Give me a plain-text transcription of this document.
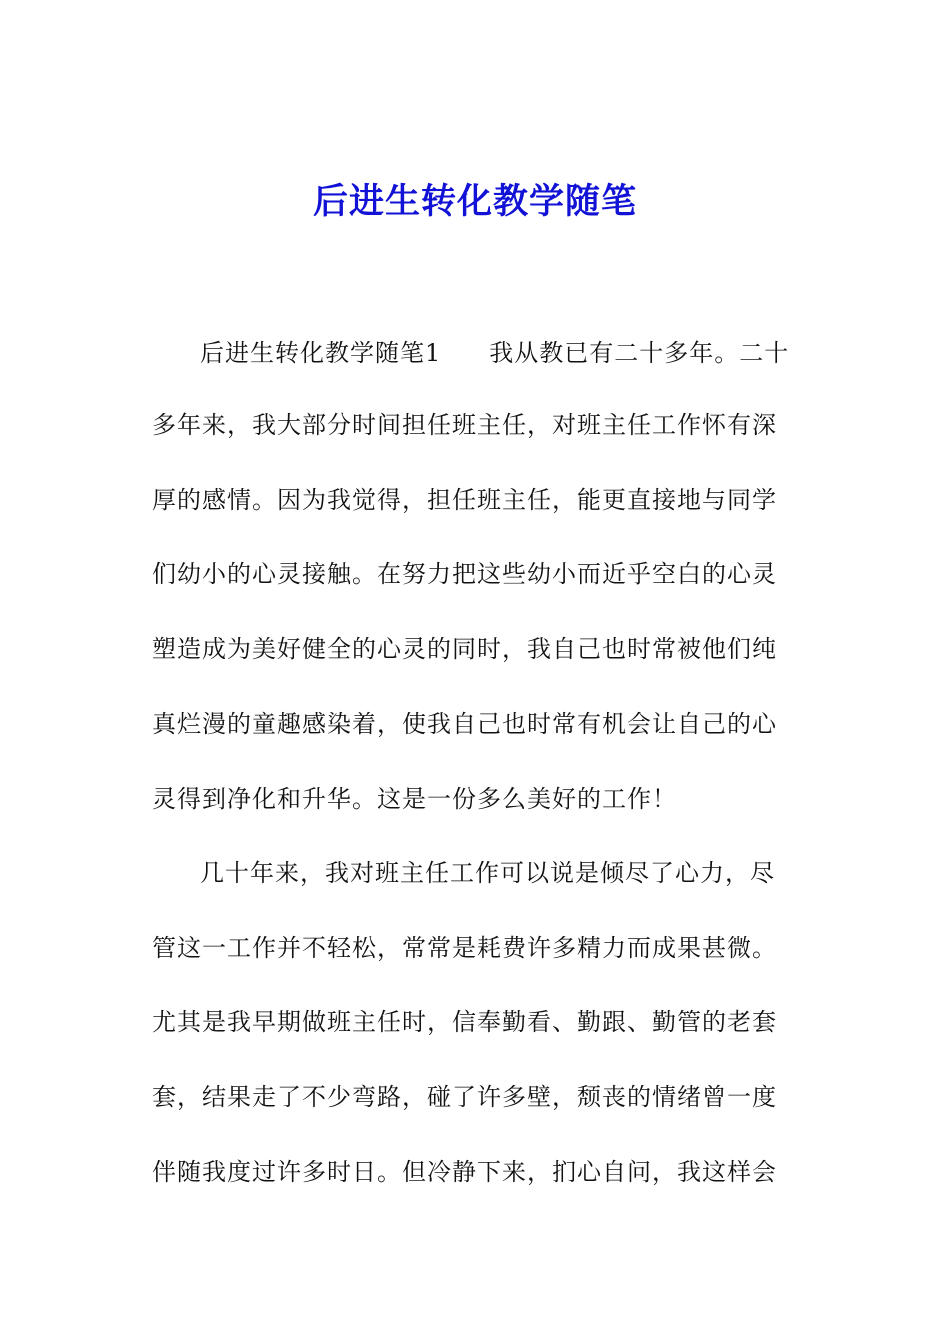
后进生转化教学随笔

后进生转化教学随笔1 我从教已有二十多年。二十

多年来，我大部分时间担任班主任，对班主任工作怀有深

厚的感情。因为我觉得，担任班主任，能更直接地与同学

们幼小的心灵接触。在努力把这些幼小而近乎空白的心灵

塑造成为美好健全的心灵的同时，我自己也时常被他们纯

真烂漫的童趣感染着，使我自己也时常有机会让自己的心

灵得到净化和升华。这是一份多么美好的工作！

几十年来，我对班主任工作可以说是倾尽了心力，尽

管这一工作并不轻松，常常是耗费许多精力而成果甚微。

尤其是我早期做班主任时，信奉勤看、勤跟、勤管的老套

套，结果走了不少弯路，碰了许多壁，颓丧的情绪曾一度

伴随我度过许多时日。但冷静下来，扪心自问，我这样会
